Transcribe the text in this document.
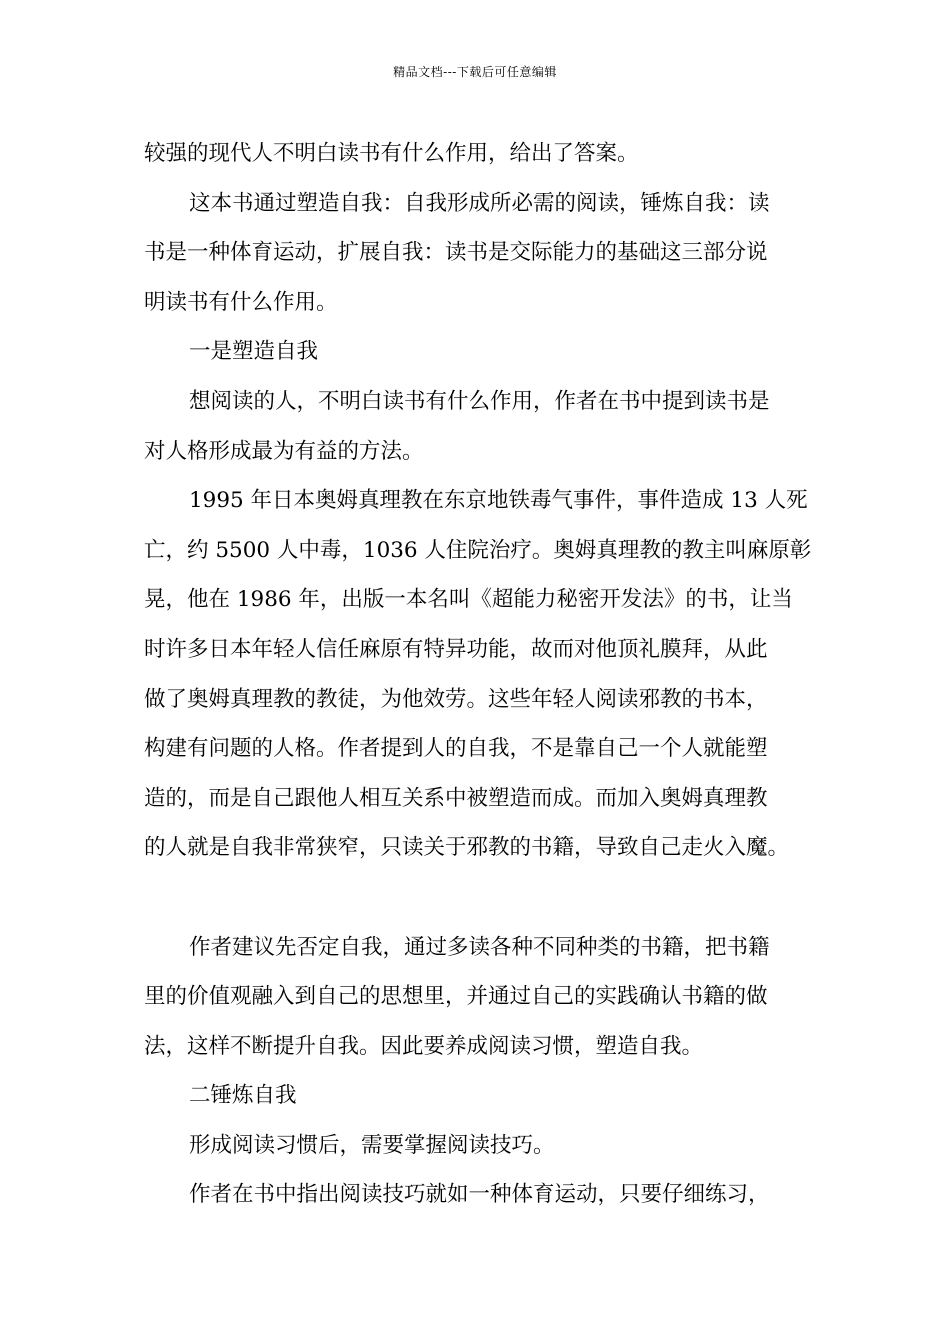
精品文档---下载后可任意编辑
较强的现代人不明白读书有什么作用，给出了答案。
这本书通过塑造自我：自我形成所必需的阅读，锤炼自我：读
书是一种体育运动，扩展自我：读书是交际能力的基础这三部分说
明读书有什么作用。
一是塑造自我
想阅读的人，不明白读书有什么作用，作者在书中提到读书是
对人格形成最为有益的方法。
1995 年日本奥姆真理教在东京地铁毒气事件，事件造成 13 人死
亡，约 5500 人中毒，1036 人住院治疗。奥姆真理教的教主叫麻原彰
晃，他在 1986 年，出版一本名叫《超能力秘密开发法》的书，让当
时许多日本年轻人信任麻原有特异功能，故而对他顶礼膜拜，从此
做了奥姆真理教的教徒，为他效劳。这些年轻人阅读邪教的书本，
构建有问题的人格。作者提到人的自我，不是靠自己一个人就能塑
造的，而是自己跟他人相互关系中被塑造而成。而加入奥姆真理教
的人就是自我非常狭窄，只读关于邪教的书籍，导致自己走火入魔。
作者建议先否定自我，通过多读各种不同种类的书籍，把书籍
里的价值观融入到自己的思想里，并通过自己的实践确认书籍的做
法，这样不断提升自我。因此要养成阅读习惯，塑造自我。
二锤炼自我
形成阅读习惯后，需要掌握阅读技巧。
作者在书中指出阅读技巧就如一种体育运动，只要仔细练习，
